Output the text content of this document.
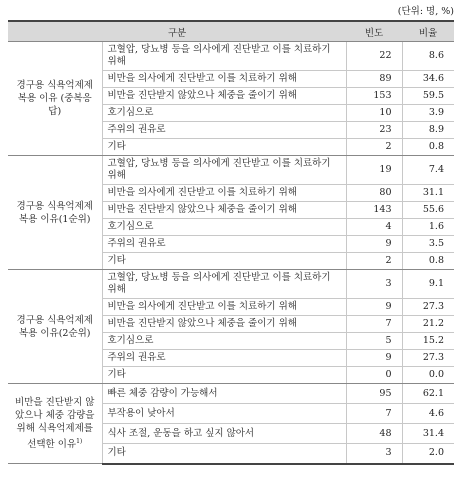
(단위: 명, %)
구분		빈도	비율
경구용 식욕억제제 복용 이유 (중복응답)	고혈압, 당뇨병 등을 의사에게 진단받고 이를 치료하기 위해	22	8.6
	비만을 의사에게 진단받고 이를 치료하기 위해	89	34.6
	비만을 진단받지 않았으나 체중을 줄이기 위해	153	59.5
	호기심으로	10	3.9
	주위의 권유로	23	8.9
	기타	2	0.8
경구용 식욕억제제 복용 이유(1순위)	고혈압, 당뇨병 등을 의사에게 진단받고 이를 치료하기 위해	19	7.4
	비만을 의사에게 진단받고 이를 치료하기 위해	80	31.1
	비만을 진단받지 않았으나 체중을 줄이기 위해	143	55.6
	호기심으로	4	1.6
	주위의 권유로	9	3.5
	기타	2	0.8
경구용 식욕억제제 복용 이유(2순위)	고혈압, 당뇨병 등을 의사에게 진단받고 이를 치료하기 위해	3	9.1
	비만을 의사에게 진단받고 이를 치료하기 위해	9	27.3
	비만을 진단받지 않았으나 체중을 줄이기 위해	7	21.2
	호기심으로	5	15.2
	주위의 권유로	9	27.3
	기타	0	0.0
비만을 진단받지 않았으나 체중 감량을 위해 식욕억제제를 선택한 이유$^{1)}$	빠른 체중 감량이 가능해서	95	62.1
	부작용이 낮아서	7	4.6
	식사 조절, 운동을 하고 싶지 않아서	48	31.4
	기타	3	2.0
